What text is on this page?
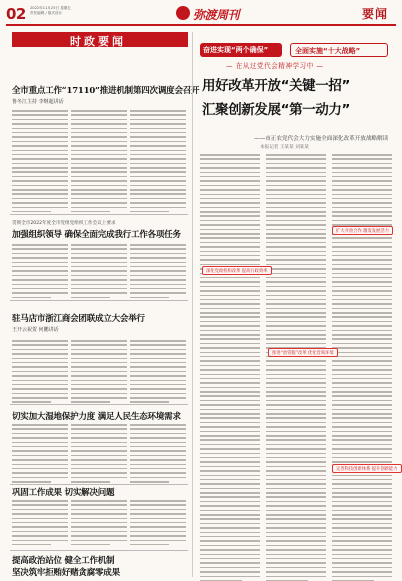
02 2022年11月25日 星期五
责任编辑 / 版式设计	弥渡周刊	要闻
时政要闻
全市重点工作“17110”推进机制第四次调度会召开
鲁冬江主持 李继超讲话
贯彻全市2022年度全市党组党组织工作会议上要求
加强组织领导 确保全面完成我行工作各项任务
驻马店市浙江商会团联成立大会举行
王开云祝贺 何鹏讲话
切实加大湿地保护力度 满足人民生态环境需求
巩固工作成果 切实解决问题
提高政治站位 健全工作机制
坚决筑牢拒贿好赌贪腐零成果
奋进实现“两个确保”	全面实施“十大战略”
— 在从过党代会精神学习中 —
用好改革开放“关键一招”
汇聚创新发展“第一动力”
——市正农党代会大力实施全面深化改革开放战略解读
本报记者 王某某 刘某某
深化党政机构改革 提高行政效率
推进“放管服”改革 优化营商环境
扩大开放合作 激发发展活力
完善科技创新体系 提升创新能力
